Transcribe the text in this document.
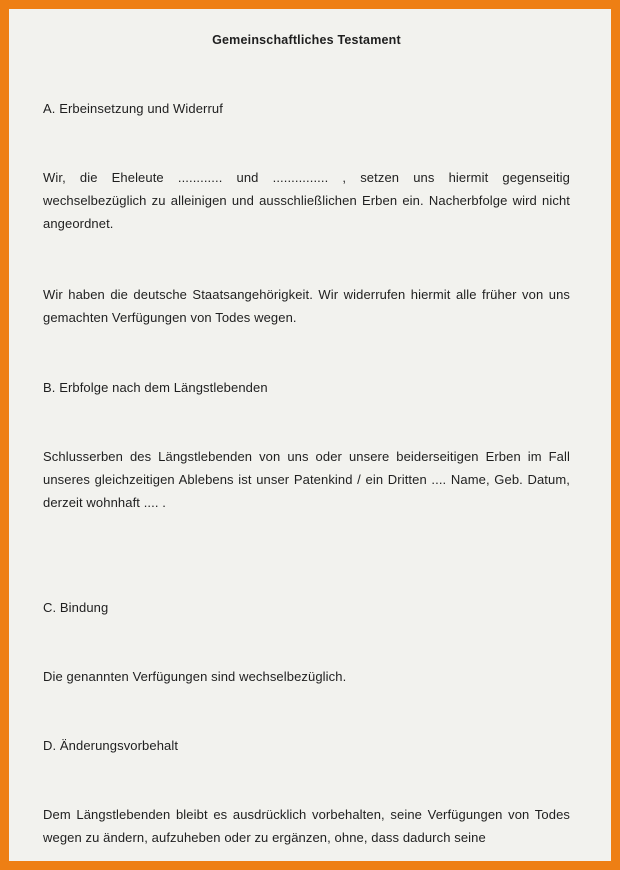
Gemeinschaftliches Testament
A. Erbeinsetzung und Widerruf

Wir, die Eheleute ............ und ............... , setzen uns hiermit gegenseitig wechselbezüglich zu alleinigen und ausschließlichen Erben ein. Nacherbfolge wird nicht angeordnet.

Wir haben die deutsche Staatsangehörigkeit. Wir widerrufen hiermit alle früher von uns gemachten Verfügungen von Todes wegen.

B. Erbfolge nach dem Längstlebenden

Schlusserben des Längstlebenden von uns oder unsere beiderseitigen Erben im Fall unseres gleichzeitigen Ablebens ist unser Patenkind / ein Dritten .... Name, Geb. Datum, derzeit wohnhaft .... .

C. Bindung

Die genannten Verfügungen sind wechselbezüglich.

D. Änderungsvorbehalt

Dem Längstlebenden bleibt es ausdrücklich vorbehalten, seine Verfügungen von Todes wegen zu ändern, aufzuheben oder zu ergänzen, ohne, dass dadurch seine
